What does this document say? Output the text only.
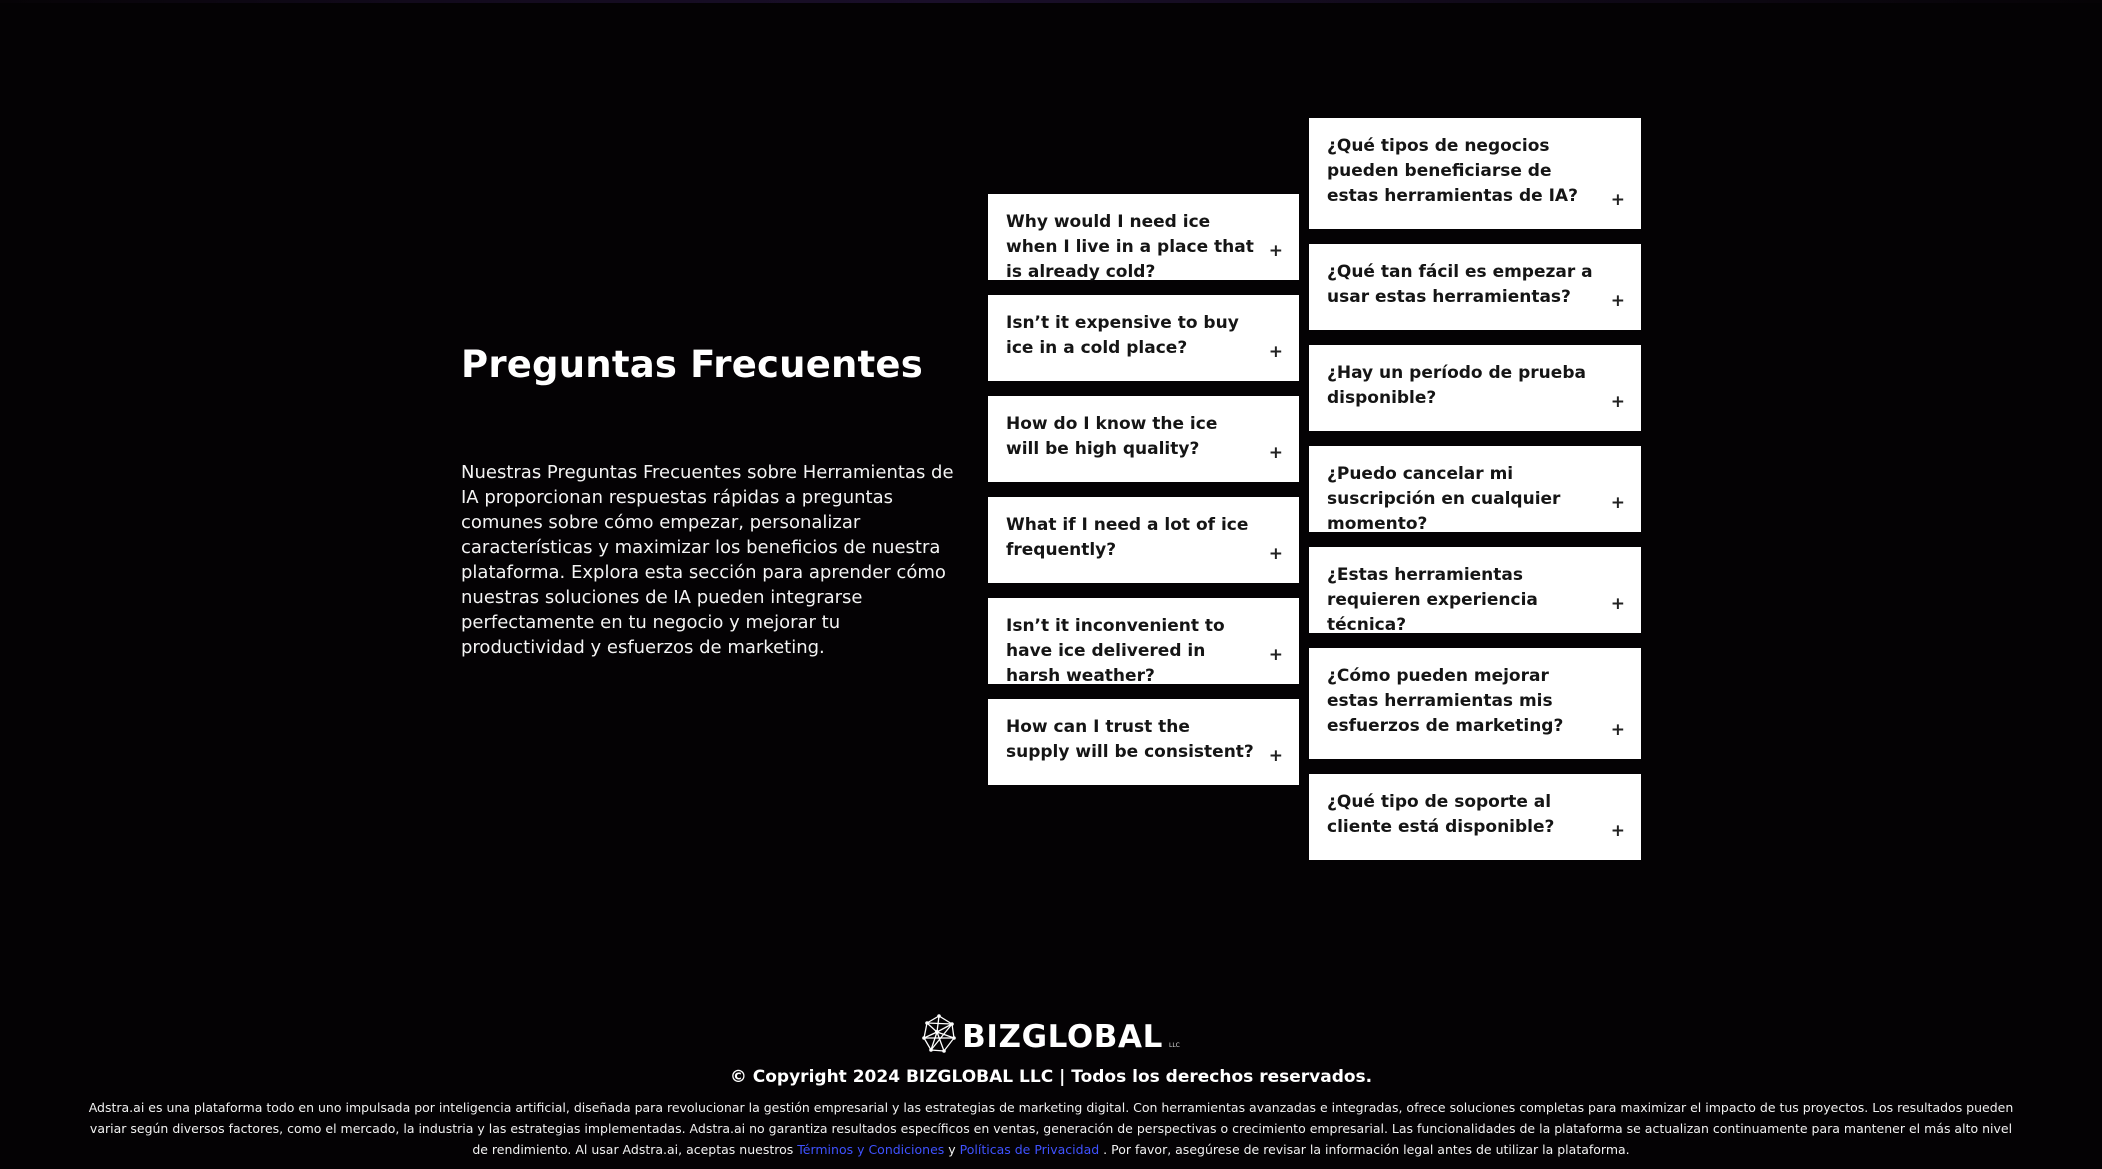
Preguntas Frecuentes

Nuestras Preguntas Frecuentes sobre Herramientas de IA proporcionan respuestas rápidas a preguntas comunes sobre cómo empezar, personalizar características y maximizar los beneficios de nuestra plataforma. Explora esta sección para aprender cómo nuestras soluciones de IA pueden integrarse perfectamente en tu negocio y mejorar tu productividad y esfuerzos de marketing.

Why would I need ice when I live in a place that is already cold?
+
Isn’t it expensive to buy ice in a cold place?	+
How do I know the ice will be high quality?	+
What if I need a lot of ice frequently?	+
Isn’t it inconvenient to have ice delivered in harsh weather?
+
How can I trust the supply will be consistent? +
¿Qué tipos de negocios pueden beneficiarse de estas herramientas de IA? +
¿Qué tan fácil es empezar a usar estas herramientas? +
¿Hay un período de prueba disponible?	+
¿Puedo cancelar mi suscripción en cualquier momento?
+
¿Estas herramientas requieren experiencia técnica?
+
¿Cómo pueden mejorar estas herramientas mis esfuerzos de marketing?	+
¿Qué tipo de soporte al cliente está disponible?	+
BIZGLOBAL LLC
© Copyright 2024 BIZGLOBAL LLC | Todos los derechos reservados.
Adstra.ai es una plataforma todo en uno impulsada por inteligencia artificial, diseñada para revolucionar la gestión empresarial y las estrategias de marketing digital. Con herramientas avanzadas e integradas, ofrece soluciones completas para maximizar el impacto de tus proyectos. Los resultados pueden variar según diversos factores, como el mercado, la industria y las estrategias implementadas. Adstra.ai no garantiza resultados específicos en ventas, generación de perspectivas o crecimiento empresarial. Las funcionalidades de la plataforma se actualizan continuamente para mantener el más alto nivel de rendimiento. Al usar Adstra.ai, aceptas nuestros Términos y Condiciones y Políticas de Privacidad . Por favor, asegúrese de revisar la información legal antes de utilizar la plataforma.
